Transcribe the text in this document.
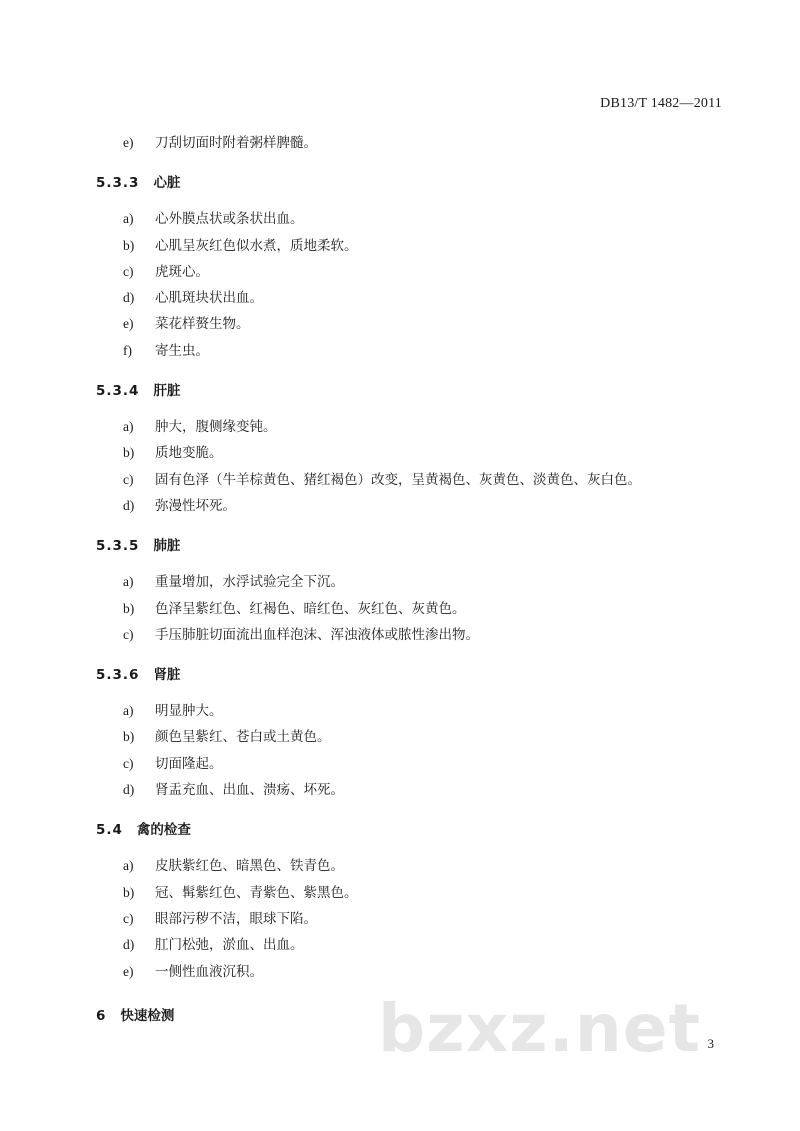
DB13/T 1482—2011
e) 刀刮切面时附着粥样脾髓。
5.3.3 心脏
a) 心外膜点状或条状出血。
b) 心肌呈灰红色似水煮，质地柔软。
c) 虎斑心。
d) 心肌斑块状出血。
e) 菜花样赘生物。
f) 寄生虫。
5.3.4 肝脏
a) 肿大，腹侧缘变钝。
b) 质地变脆。
c) 固有色泽（牛羊棕黄色、猪红褐色）改变，呈黄褐色、灰黄色、淡黄色、灰白色。
d) 弥漫性坏死。
5.3.5 肺脏
a) 重量增加，水浮试验完全下沉。
b) 色泽呈紫红色、红褐色、暗红色、灰红色、灰黄色。
c) 手压肺脏切面流出血样泡沫、浑浊液体或脓性渗出物。
5.3.6 肾脏
a) 明显肿大。
b) 颜色呈紫红、苍白或土黄色。
c) 切面隆起。
d) 肾盂充血、出血、溃疡、坏死。
5.4 禽的检查
a) 皮肤紫红色、暗黑色、铁青色。
b) 冠、髯紫红色、青紫色、紫黑色。
c) 眼部污秽不洁，眼球下陷。
d) 肛门松弛，淤血、出血。
e) 一侧性血液沉积。
6 快速检测	bzxz.net 3
